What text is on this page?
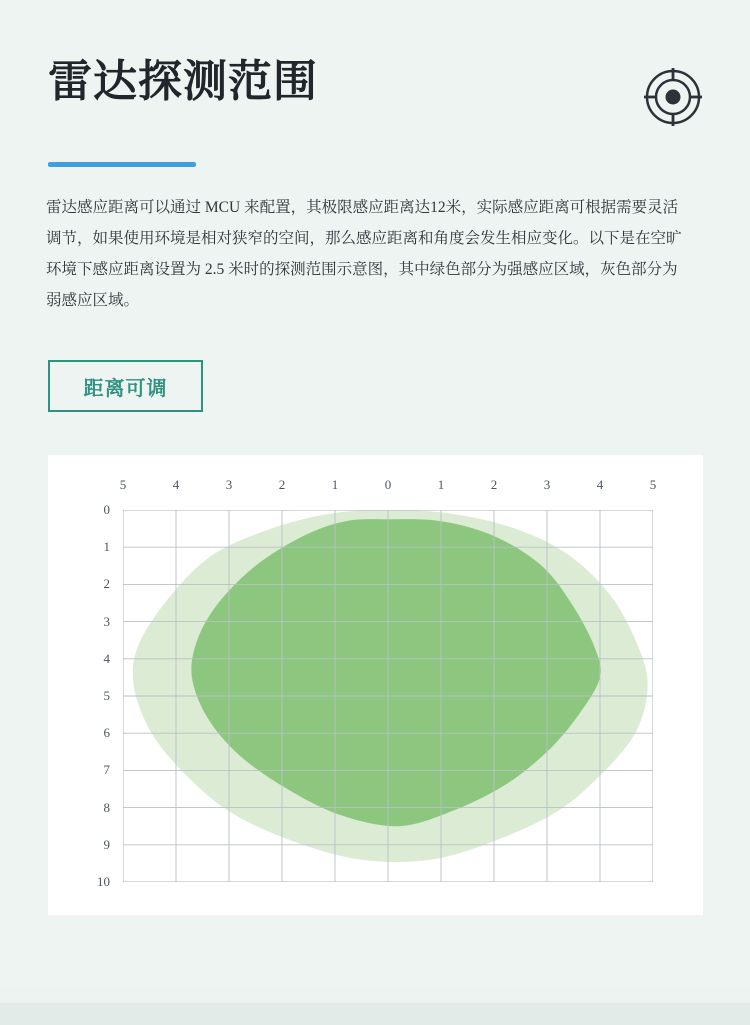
雷达探测范围

雷达感应距离可以通过 MCU 来配置，其极限感应距离达12米，实际感应距离可根据需要灵活调节，如果使用环境是相对狭窄的空间，那么感应距离和角度会发生相应变化。以下是在空旷环境下感应距离设置为 2.5 米时的探测范围示意图，其中绿色部分为强感应区域，灰色部分为弱感应区域。

距离可调
5	4	3	2	1	0	1	2	3	4	5
0
1
2
3
4
5
6
7
8
9
10
